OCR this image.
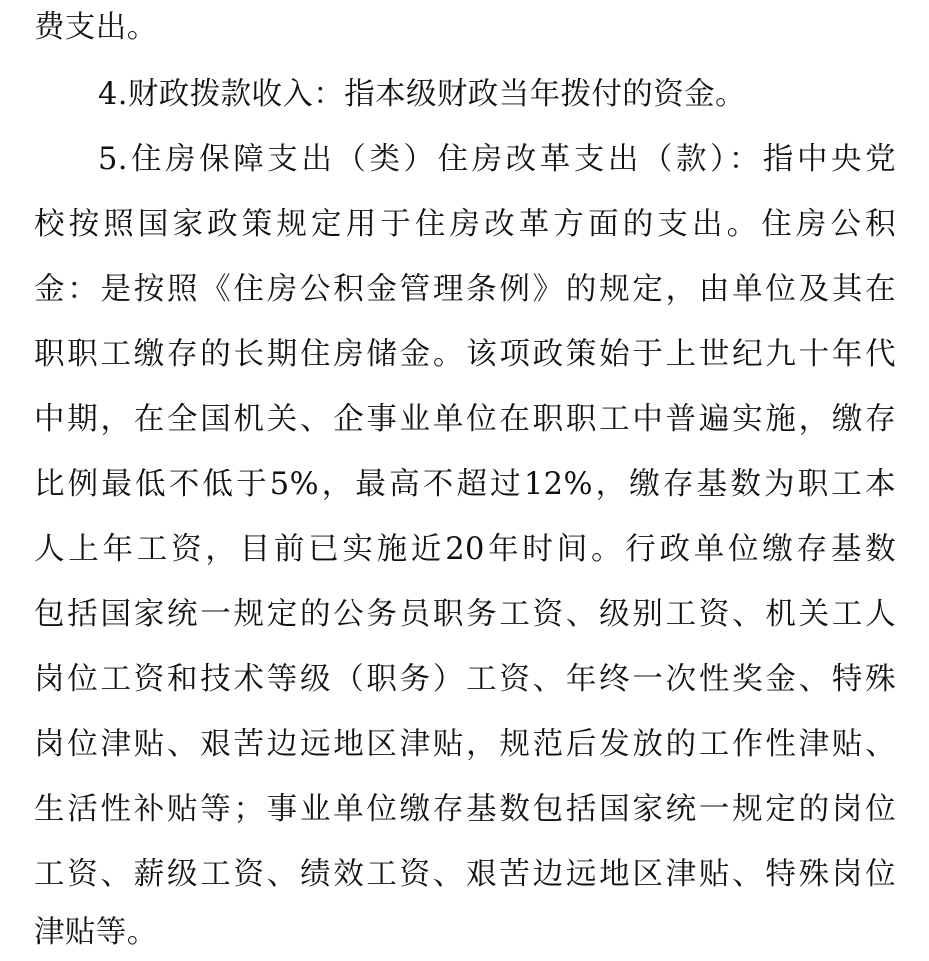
费支出。
4.财政拨款收入：指本级财政当年拨付的资金。
5.住房保障支出（类）住房改革支出（款）：指中央党
校按照国家政策规定用于住房改革方面的支出。住房公积
金：是按照《住房公积金管理条例》的规定，由单位及其在
职职工缴存的长期住房储金。该项政策始于上世纪九十年代
中期，在全国机关、企事业单位在职职工中普遍实施，缴存
比例最低不低于5%，最高不超过12%，缴存基数为职工本
人上年工资，目前已实施近20年时间。行政单位缴存基数
包括国家统一规定的公务员职务工资、级别工资、机关工人
岗位工资和技术等级（职务）工资、年终一次性奖金、特殊
岗位津贴、艰苦边远地区津贴，规范后发放的工作性津贴、
生活性补贴等；事业单位缴存基数包括国家统一规定的岗位
工资、薪级工资、绩效工资、艰苦边远地区津贴、特殊岗位
津贴等。
